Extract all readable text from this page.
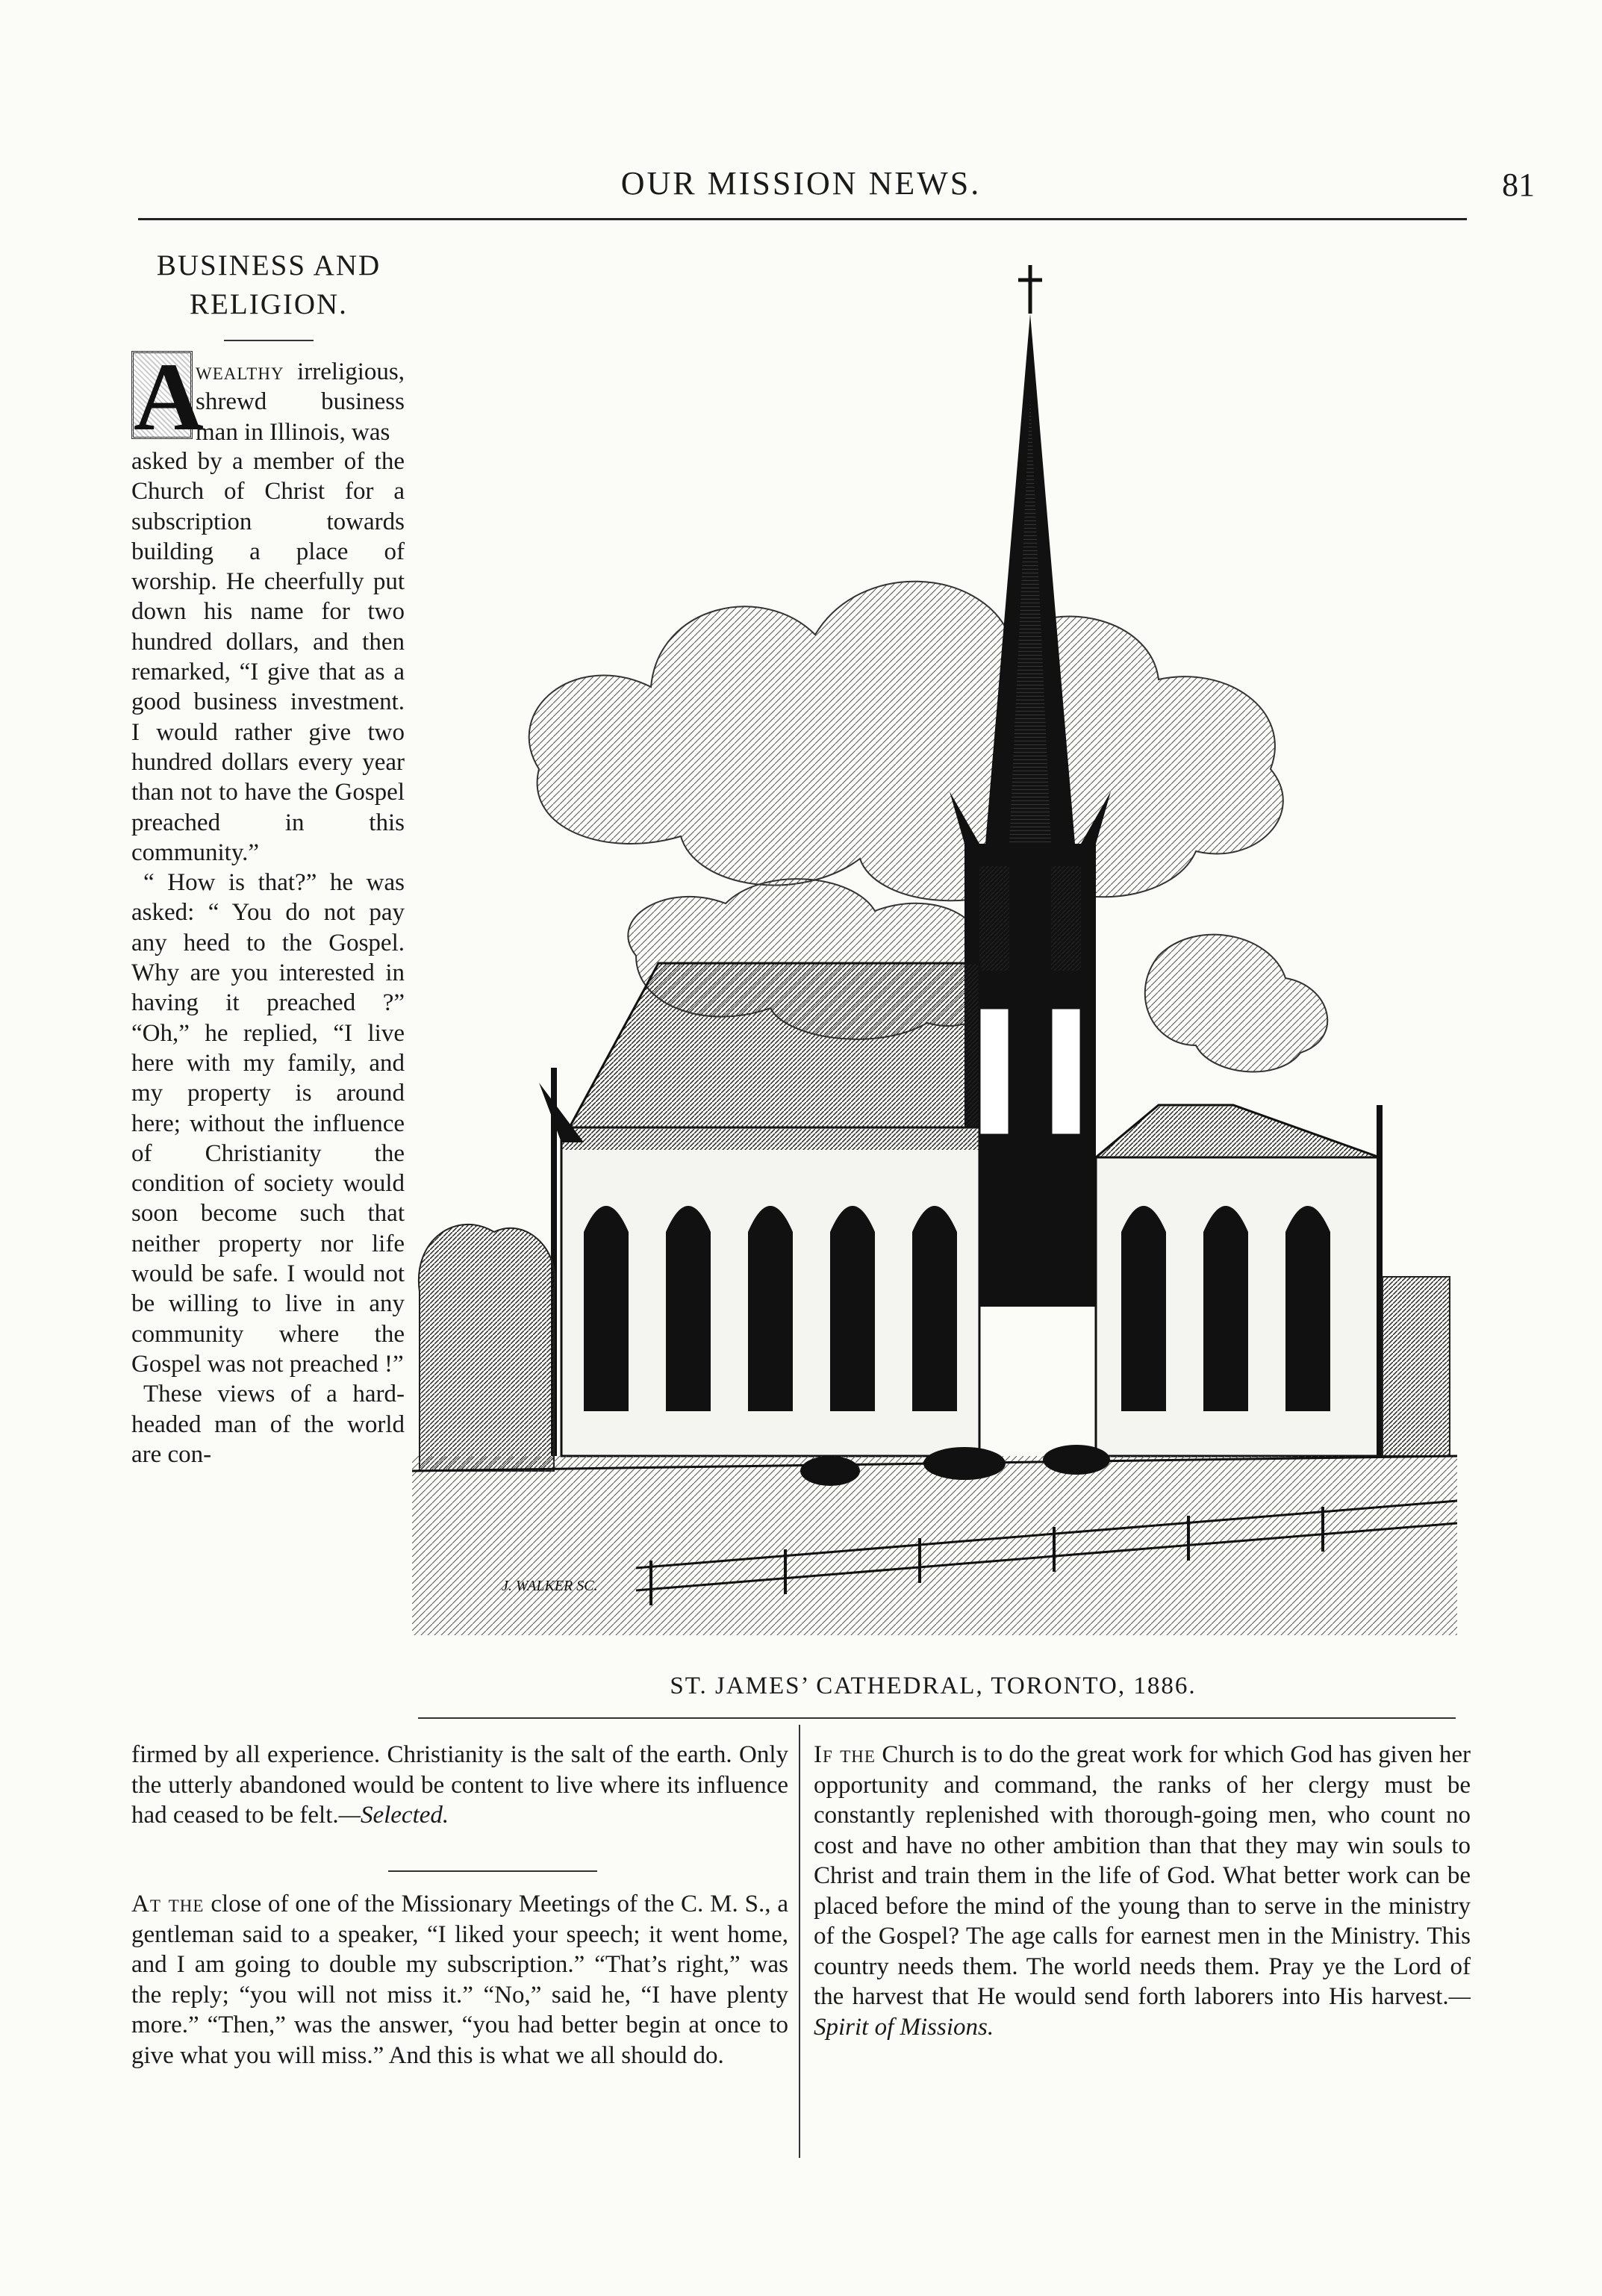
OUR MISSION NEWS.	81
BUSINESS AND
RELIGION.
A
wealthy irreligious, shrewd business man in Illinois, was

asked by a member of the Church of Christ for a subscription towards building a place of worship. He cheerfully put down his name for two hundred dollars, and then remarked, “I give that as a good business investment. I would rather give two hundred dollars every year than not to have the Gospel preached in this community.”

“ How is that?” he was asked: “ You do not pay any heed to the Gospel. Why are you interested in having it preached ?” “Oh,” he replied, “I live here with my family, and my property is around here; without the influence of Christianity the condition of society would soon become such that neither property nor life would be safe. I would not be willing to live in any community where the Gospel was not preached !”

These views of a hard-headed man of the world are con-

J. WALKER SC.
ST. JAMES’ CATHEDRAL, TORONTO, 1886.

firmed by all experience. Christianity is the salt of the earth. Only the utterly abandoned would be content to live where its influence had ceased to be felt.—Selected.

At the close of one of the Missionary Meetings of the C. M. S., a gentleman said to a speaker, “I liked your speech; it went home, and I am going to double my subscription.” “That’s right,” was the reply; “you will not miss it.” “No,” said he, “I have plenty more.” “Then,” was the answer, “you had better begin at once to give what you will miss.” And this is what we all should do.

If the Church is to do the great work for which God has given her opportunity and command, the ranks of her clergy must be constantly replenished with thorough-going men, who count no cost and have no other ambition than that they may win souls to Christ and train them in the life of God. What better work can be placed before the mind of the young than to serve in the ministry of the Gospel? The age calls for earnest men in the Ministry. This country needs them. The world needs them. Pray ye the Lord of the harvest that He would send forth laborers into His harvest.—Spirit of Missions.
